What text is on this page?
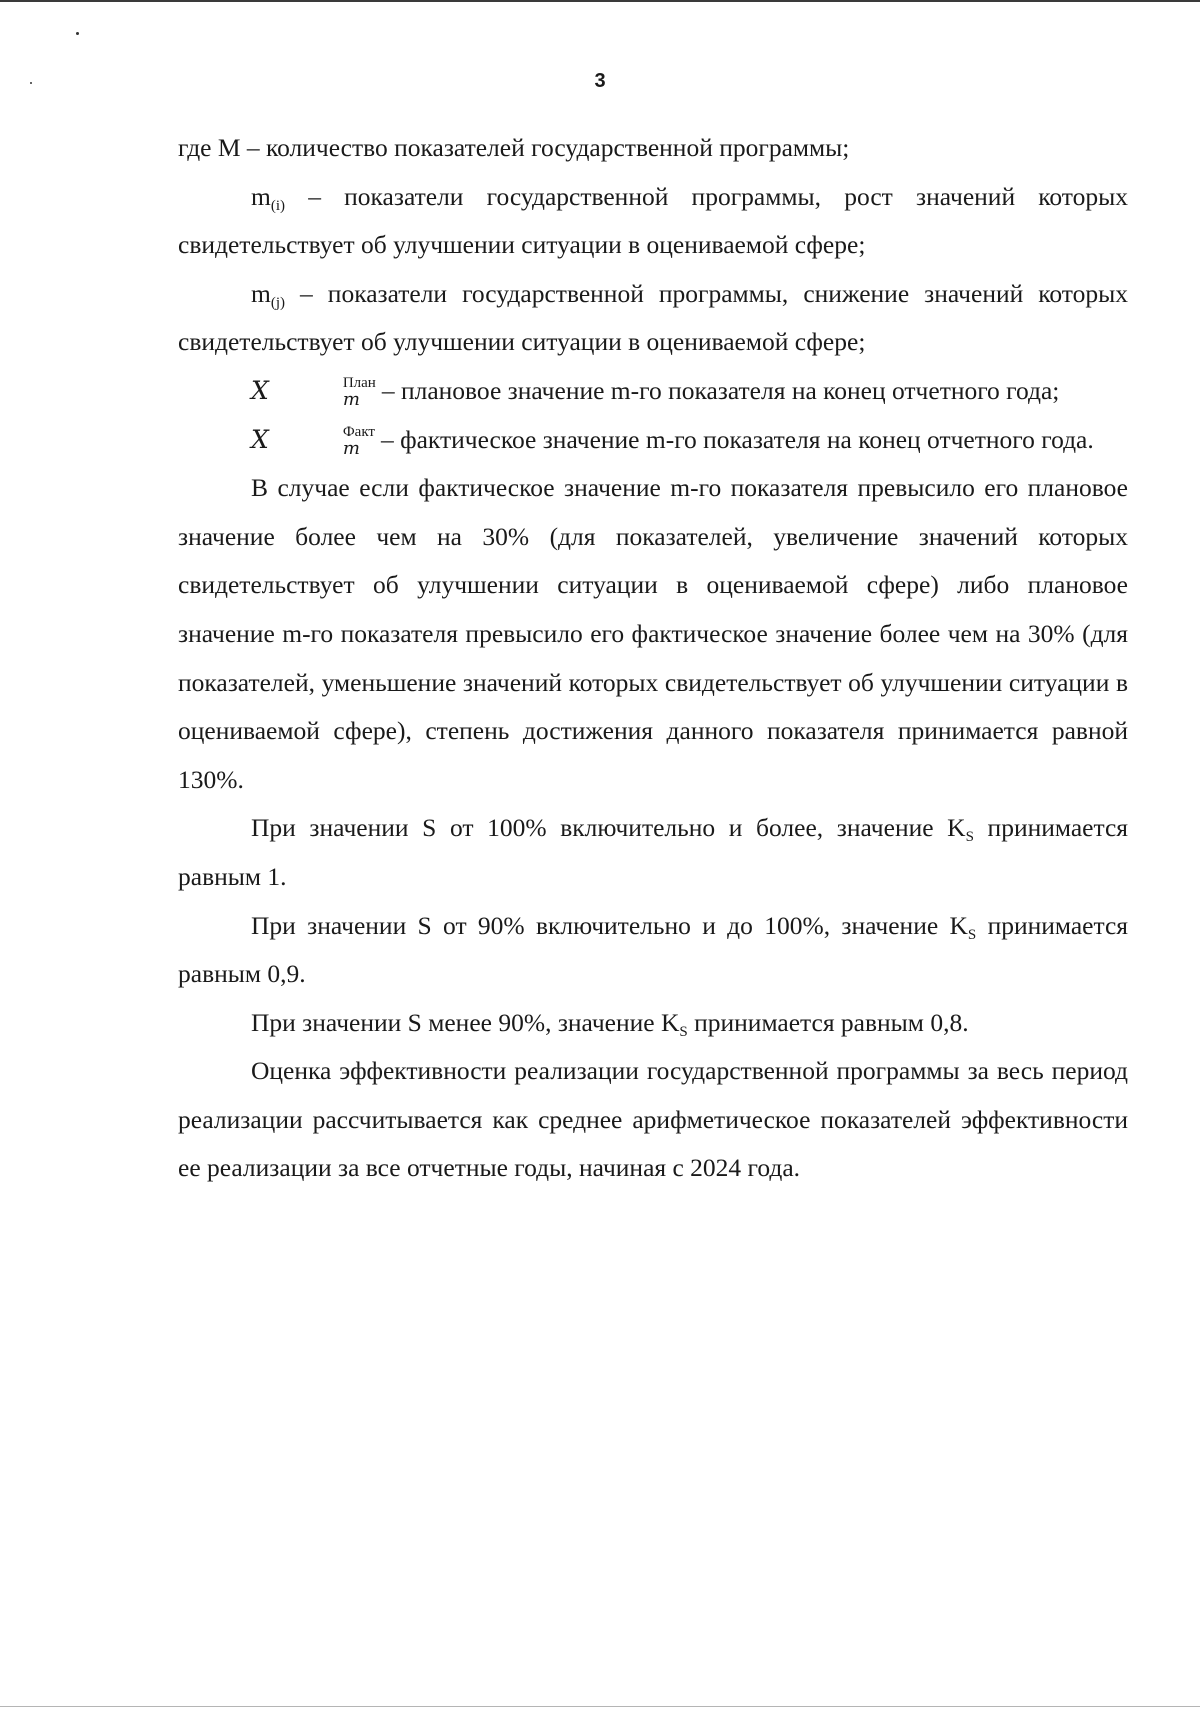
3

где М – количество показателей государственной программы;

$m_{(i)}$ – показатели государственной программы, рост значений которых свидетельствует об улучшении ситуации в оцениваемой сфере;

$m_{(j)}$ – показатели государственной программы, снижение значений которых свидетельствует об улучшении ситуации в оцениваемой сфере;

X	План
m – плановое значение m-го показателя на конец отчетного года;

X	Факт
m – фактическое значение m-го показателя на конец отчетного года.

В случае если фактическое значение m-го показателя превысило его плановое значение более чем на 30% (для показателей, увеличение значений которых свидетельствует об улучшении ситуации в оцениваемой сфере) либо плановое значение m-го показателя превысило его фактическое значение более чем на 30% (для показателей, уменьшение значений которых свидетельствует об улучшении ситуации в оцениваемой сфере), степень достижения данного показателя принимается равной 130%.

При значении S от 100% включительно и более, значение $K_S$ принимается равным 1.

При значении S от 90% включительно и до 100%, значение $K_S$ принимается равным 0,9.

При значении S менее 90%, значение $K_S$ принимается равным 0,8.

Оценка эффективности реализации государственной программы за весь период реализации рассчитывается как среднее арифметическое показателей эффективности ее реализации за все отчетные годы, начиная с 2024 года.
